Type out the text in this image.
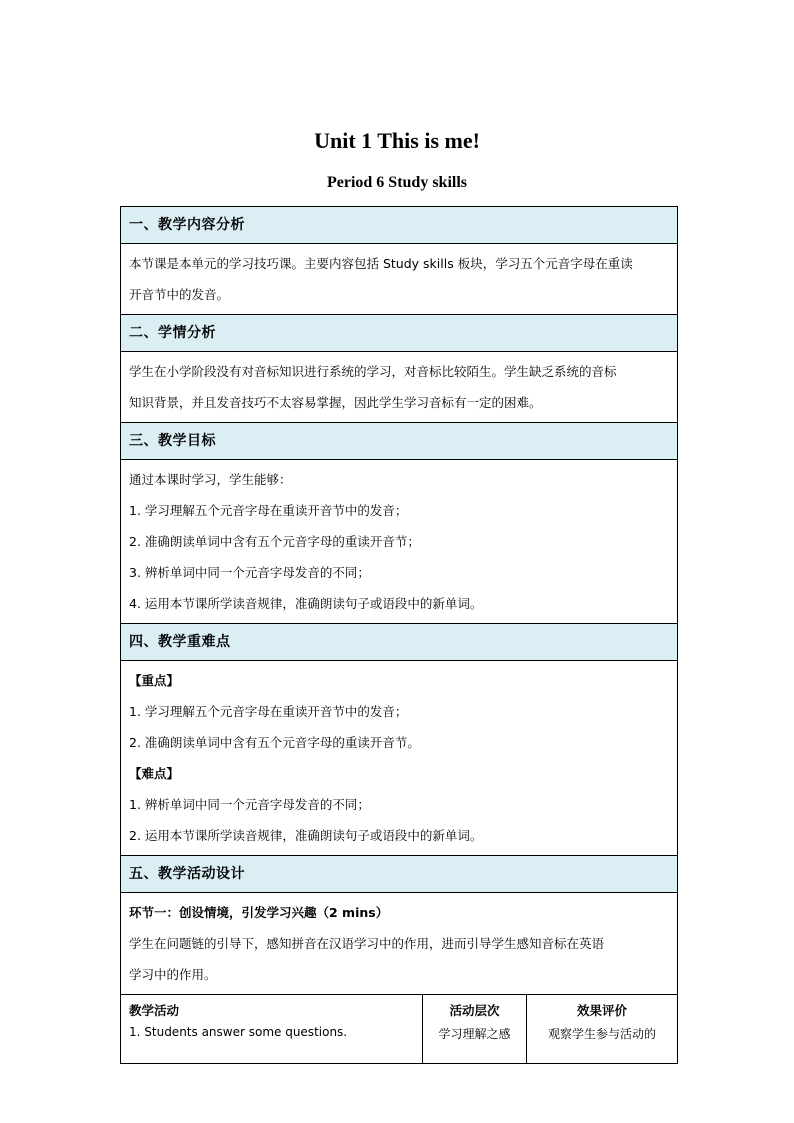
Unit 1 This is me!
Period 6 Study skills
一、教学内容分析
本节课是本单元的学习技巧课。主要内容包括 Study skills 板块，学习五个元音字母在重读
开音节中的发音。
二、学情分析
学生在小学阶段没有对音标知识进行系统的学习，对音标比较陌生。学生缺乏系统的音标
知识背景，并且发音技巧不太容易掌握，因此学生学习音标有一定的困难。
三、教学目标
通过本课时学习，学生能够：
1. 学习理解五个元音字母在重读开音节中的发音；
2. 准确朗读单词中含有五个元音字母的重读开音节；
3. 辨析单词中同一个元音字母发音的不同；
4. 运用本节课所学读音规律，准确朗读句子或语段中的新单词。
四、教学重难点
【重点】
1. 学习理解五个元音字母在重读开音节中的发音；
2. 准确朗读单词中含有五个元音字母的重读开音节。
【难点】
1. 辨析单词中同一个元音字母发音的不同；
2. 运用本节课所学读音规律，准确朗读句子或语段中的新单词。
五、教学活动设计
环节一：创设情境，引发学习兴趣（2 mins）
学生在问题链的引导下，感知拼音在汉语学习中的作用，进而引导学生感知音标在英语
学习中的作用。
教学活动
1. Students answer some questions.
活动层次
学习理解之感
效果评价
观察学生参与活动的
